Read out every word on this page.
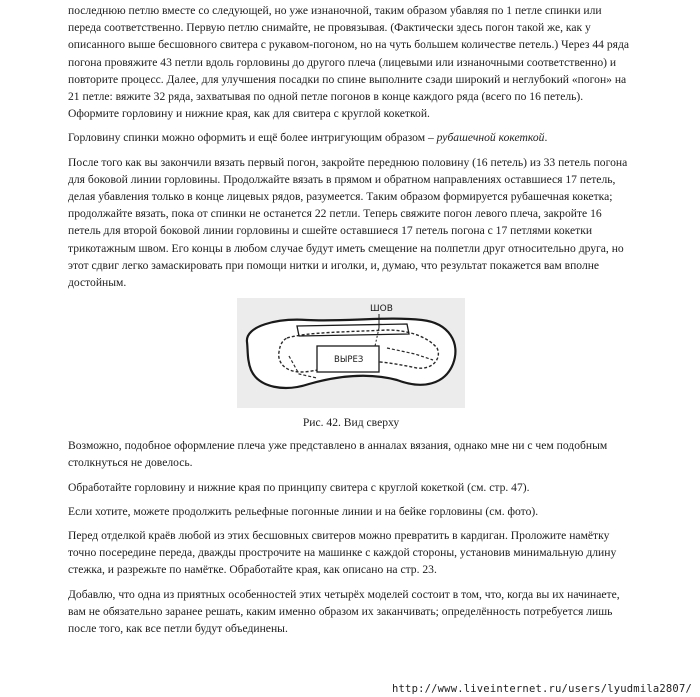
последнюю петлю вместе со следующей, но уже изнаночной, таким образом убавляя по 1 петле спинки или переда соответственно. Первую петлю снимайте, не провязывая. (Фактически здесь погон такой же, как у описанного выше бесшовного свитера с рукавом-погоном, но на чуть большем количестве петель.) Через 44 ряда погона провяжите 43 петли вдоль горловины до другого плеча (лицевыми или изнаночными соответственно) и повторите процесс. Далее, для улучшения посадки по спине выполните сзади широкий и неглубокий «погон» на 21 петле: вяжите 32 ряда, захватывая по одной петле погонов в конце каждого ряда (всего по 16 петель). Оформите горловину и нижние края, как для свитера с круглой кокеткой.

Горловину спинки можно оформить и ещё более интригующим образом – рубашечной кокеткой.

После того как вы закончили вязать первый погон, закройте переднюю половину (16 петель) из 33 петель погона для боковой линии горловины. Продолжайте вязать в прямом и обратном направлениях оставшиеся 17 петель, делая убавления только в конце лицевых рядов, разумеется. Таким образом формируется рубашечная кокетка; продолжайте вязать, пока от спинки не останется 22 петли. Теперь свяжите погон левого плеча, закройте 16 петель для второй боковой линии горловины и сшейте оставшиеся 17 петель погона с 17 петлями кокетки трикотажным швом. Его концы в любом случае будут иметь смещение на полпетли друг относительно друга, но этот сдвиг легко замаскировать при помощи нитки и иголки, и, думаю, что результат покажется вам вполне достойным.

ШОВ
ВЫРЕЗ
Рис. 42. Вид сверху

Возможно, подобное оформление плеча уже представлено в анналах вязания, однако мне ни с чем подобным столкнуться не довелось.

Обработайте горловину и нижние края по принципу свитера с круглой кокеткой (см. стр. 47).

Если хотите, можете продолжить рельефные погонные линии и на бейке горловины (см. фото).

Перед отделкой краёв любой из этих бесшовных свитеров можно превратить в кардиган. Проложите намётку точно посередине переда, дважды прострочите на машинке с каждой стороны, установив минимальную длину стежка, и разрежьте по намётке. Обработайте края, как описано на стр. 23.

Добавлю, что одна из приятных особенностей этих четырёх моделей состоит в том, что, когда вы их начинаете, вам не обязательно заранее решать, каким именно образом их заканчивать; определённость потребуется лишь после того, как все петли будут объединены.

http://www.liveinternet.ru/users/lyudmila2807/
